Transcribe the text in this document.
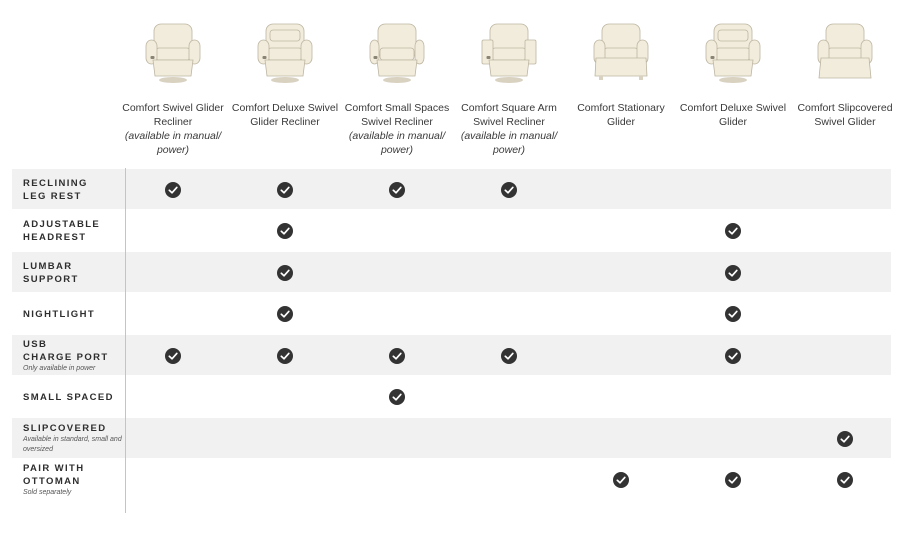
Comfort Swivel Glider Recliner
(available in manual/ power)
Comfort Deluxe Swivel Glider Recliner
Comfort Small Spaces Swivel Recliner
(available in manual/ power)
Comfort Square Arm Swivel Recliner
(available in manual/ power)
Comfort Stationary Glider
Comfort Deluxe Swivel Glider
Comfort Slipcovered Swivel Glider
RECLINING
LEG REST
ADJUSTABLE
HEADREST
LUMBAR
SUPPORT
NIGHTLIGHT
USB
CHARGE PORT
Only available in power
SMALL SPACED
SLIPCOVERED
Available in standard, small and oversized
PAIR WITH
OTTOMAN
Sold separately
